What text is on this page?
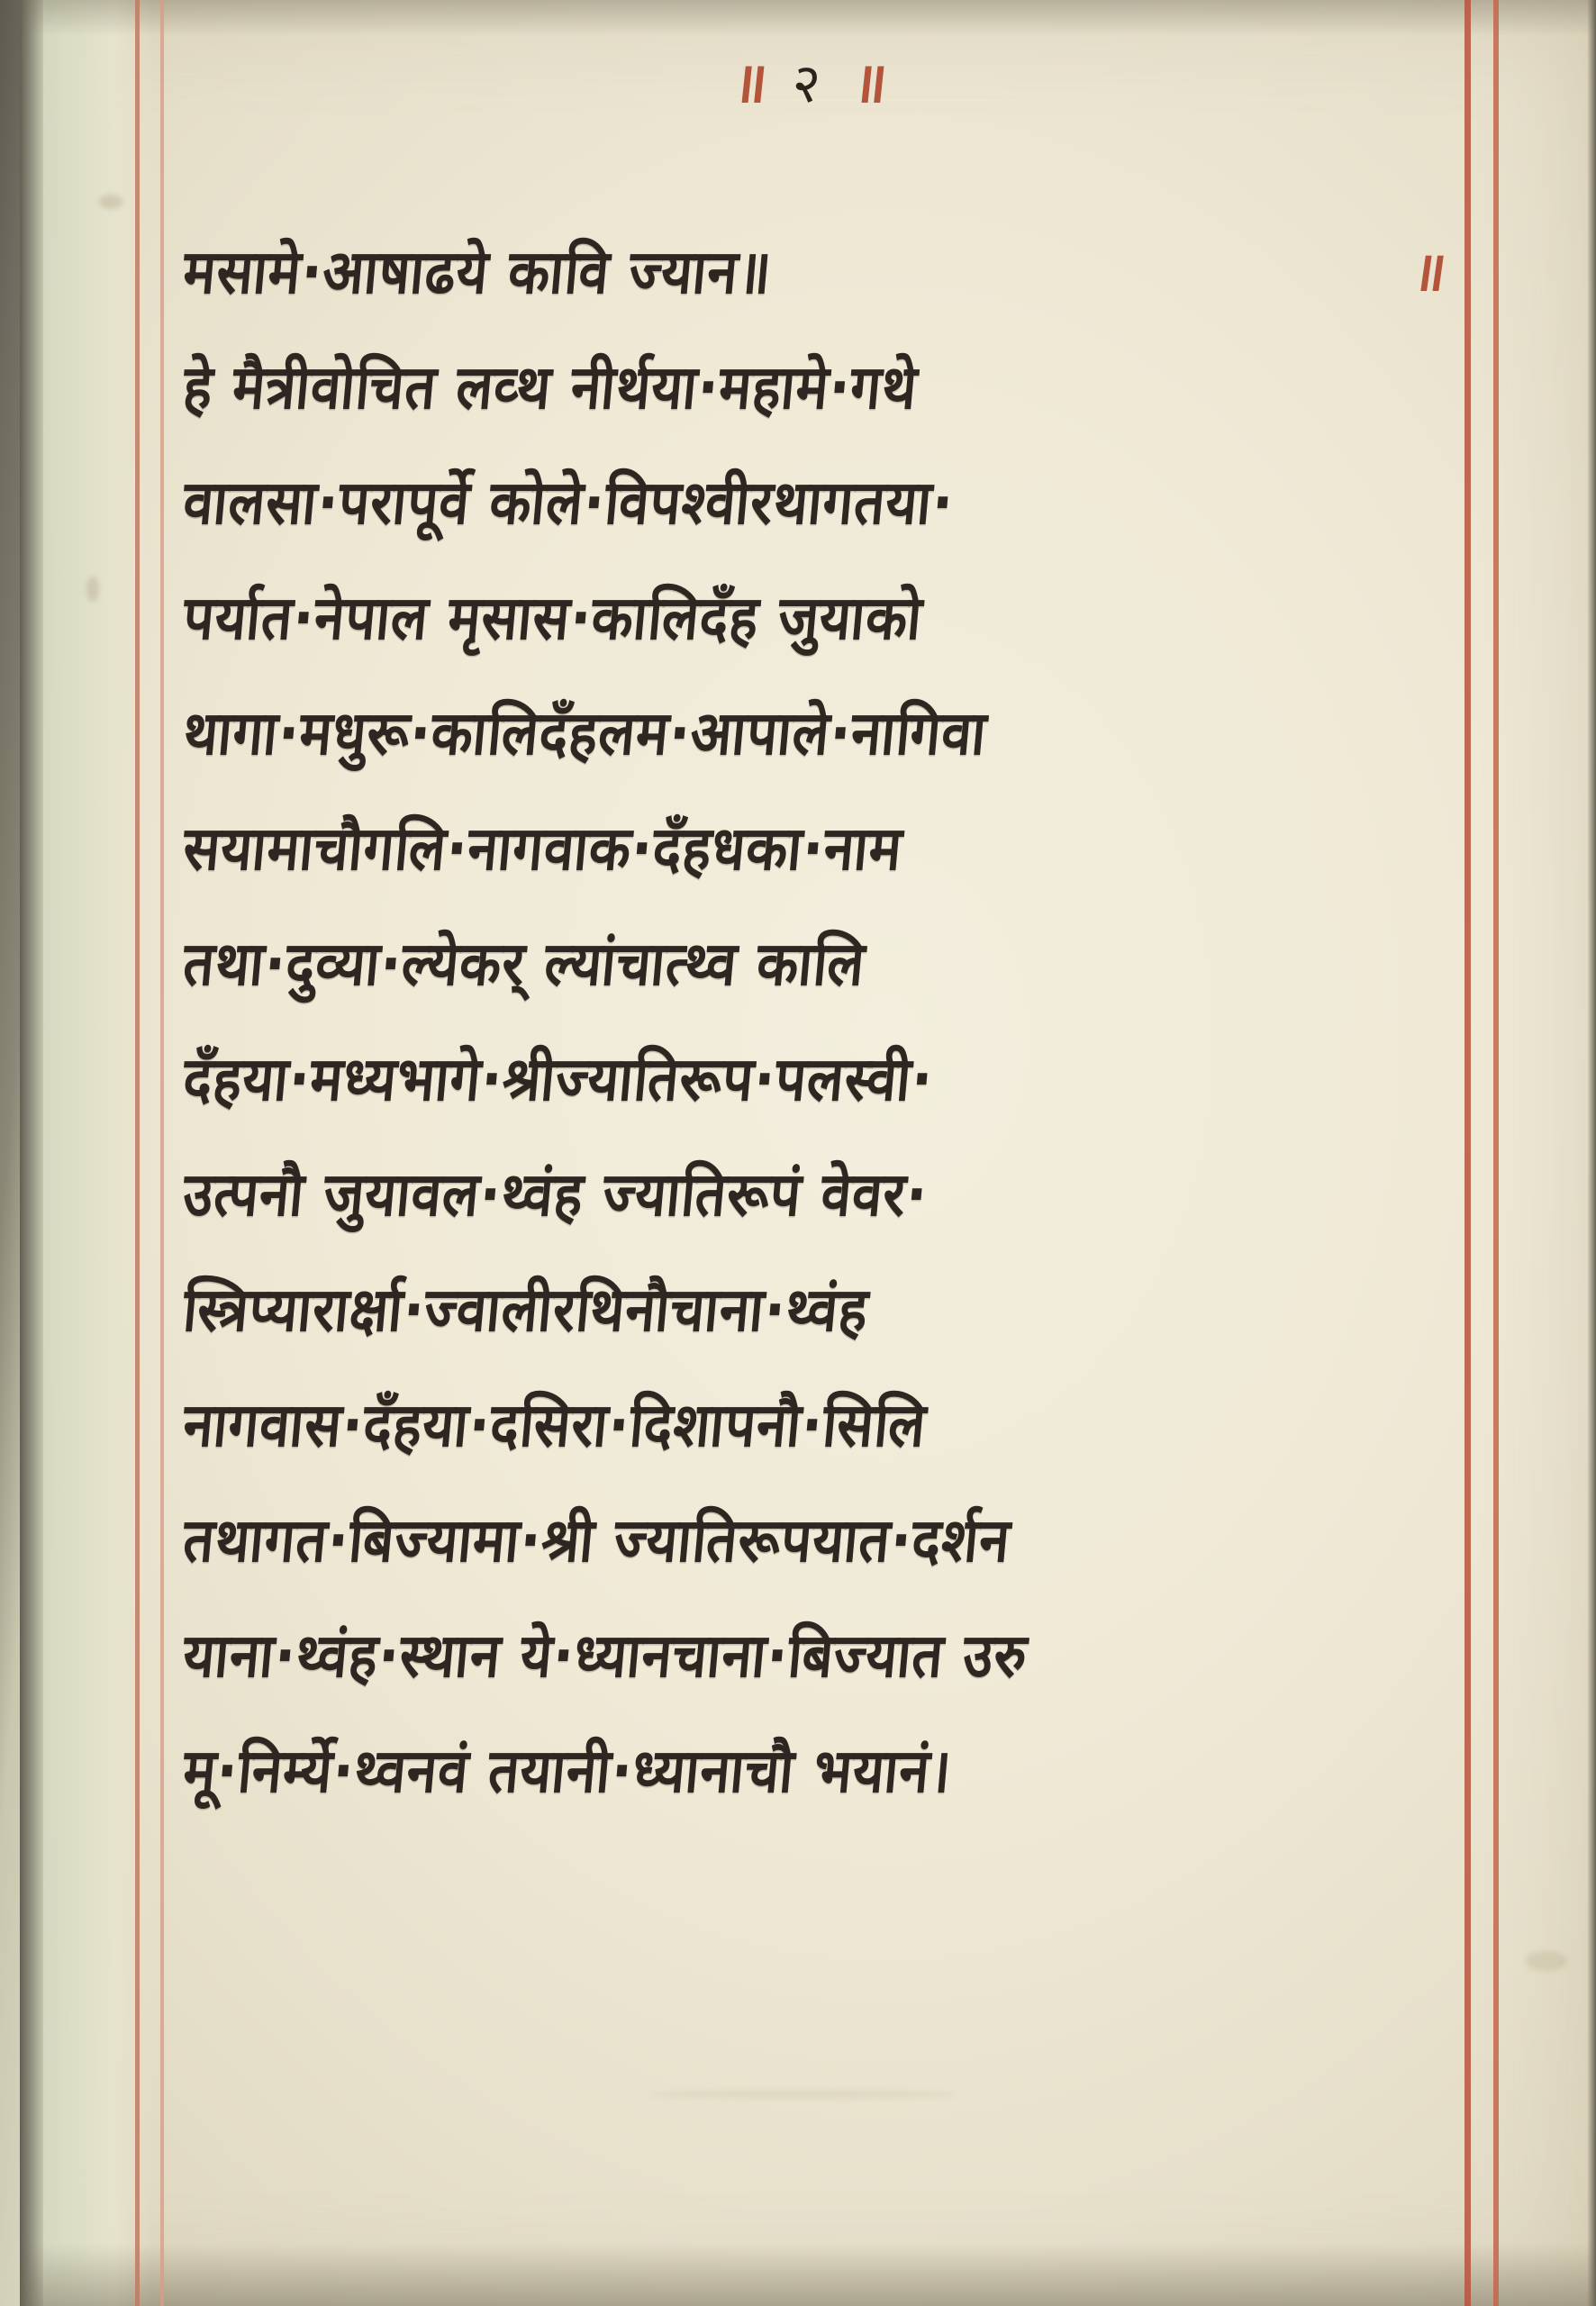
॥ २ ॥
॥
मसामे·आषाढये कावि ज्यान॥
हे मैत्रीवोचित लव्थ नीर्थया·महामे·गथे
वालसा·परापूर्वे कोले·विपश्वीरथागतया·
पर्यात·नेपाल मृसास·कालिदँह जुयाको
थागा·मधुरू·कालिदँहलम·आपाले·नागिवा
सयामाचौगलि·नागवाक·दँहधका·नाम
तथा·दुव्या·ल्येकर् ल्यांचात्थ्व कालि
दँहया·मध्यभागे·श्रीज्यातिरूप·पलस्वी·
उत्पनौ जुयावल·थ्वंह ज्यातिरूपं वेवर·
स्त्रिप्यारार्क्षा·ज्वालीरथिनौचाना·थ्वंह
नागवास·दँहया·दसिरा·दिशापनौ·सिलि
तथागत·बिज्यामा·श्री ज्यातिरूपयात·दर्शन
याना·थ्वंह·स्थान ये·ध्यानचाना·बिज्यात उरु
मू·निर्म्ये·थ्वनवं तयानी·ध्यानाचौ भयानं।
